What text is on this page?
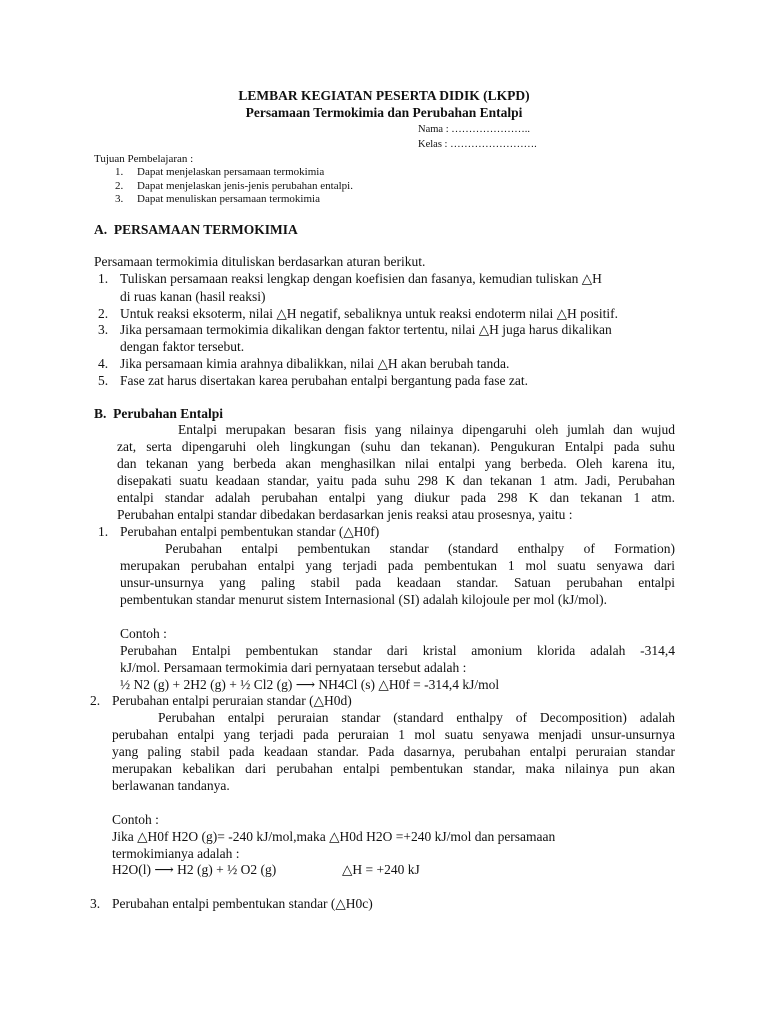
LEMBAR KEGIATAN PESERTA DIDIK (LKPD)
Persamaan Termokimia dan Perubahan Entalpi
Nama : …………………..
Kelas : …………………….
Tujuan Pembelajaran :
1. Dapat menjelaskan persamaan termokimia
2. Dapat menjelaskan jenis-jenis perubahan entalpi.
3. Dapat menuliskan persamaan termokimia
A.  PERSAMAAN TERMOKIMIA
Persamaan termokimia dituliskan berdasarkan aturan berikut.
1. Tuliskan persamaan reaksi lengkap dengan koefisien dan fasanya, kemudian tuliskan △H
di ruas kanan (hasil reaksi)
2. Untuk reaksi eksoterm, nilai △H negatif, sebaliknya untuk reaksi endoterm nilai △H positif.
3. Jika persamaan termokimia dikalikan dengan faktor tertentu, nilai △H juga harus dikalikan
dengan faktor tersebut.
4. Jika persamaan kimia arahnya dibalikkan, nilai △H akan berubah tanda.
5. Fase zat harus disertakan karea perubahan entalpi bergantung pada fase zat.
B.  Perubahan Entalpi
Entalpi merupakan besaran fisis yang nilainya dipengaruhi oleh jumlah dan wujud
zat, serta dipengaruhi oleh lingkungan (suhu dan tekanan). Pengukuran Entalpi pada suhu
dan tekanan yang berbeda akan menghasilkan nilai entalpi yang berbeda. Oleh karena itu,
disepakati suatu keadaan standar, yaitu pada suhu 298 K dan tekanan 1 atm. Jadi, Perubahan
entalpi standar adalah perubahan entalpi yang diukur pada 298 K dan tekanan 1 atm.
Perubahan entalpi standar dibedakan berdasarkan jenis reaksi atau prosesnya, yaitu :
1. Perubahan entalpi pembentukan standar (△H0f)
Perubahan entalpi pembentukan standar (standard enthalpy of Formation)
merupakan perubahan entalpi yang terjadi pada pembentukan 1 mol suatu senyawa dari
unsur-unsurnya yang paling stabil pada keadaan standar. Satuan perubahan entalpi
pembentukan standar menurut sistem Internasional (SI) adalah kilojoule per mol (kJ/mol).
Contoh :
Perubahan Entalpi pembentukan standar dari kristal amonium klorida adalah -314,4
kJ/mol. Persamaan termokimia dari pernyataan tersebut adalah :
½ N2 (g) + 2H2 (g) + ½ Cl2 (g) ⟶ NH4Cl (s) △H0f = -314,4 kJ/mol
2. Perubahan entalpi peruraian standar (△H0d)
Perubahan entalpi peruraian standar (standard enthalpy of Decomposition) adalah
perubahan entalpi yang terjadi pada peruraian 1 mol suatu senyawa menjadi unsur-unsurnya
yang paling stabil pada keadaan standar. Pada dasarnya, perubahan entalpi peruraian standar
merupakan kebalikan dari perubahan entalpi pembentukan standar, maka nilainya pun akan
berlawanan tandanya.
Contoh :
Jika △H0f H2O (g)= -240 kJ/mol,maka △H0d H2O =+240 kJ/mol dan persamaan
termokimianya adalah :
H2O(l) ⟶ H2 (g) + ½ O2 (g)	△H = +240 kJ
3. Perubahan entalpi pembentukan standar (△H0c)
